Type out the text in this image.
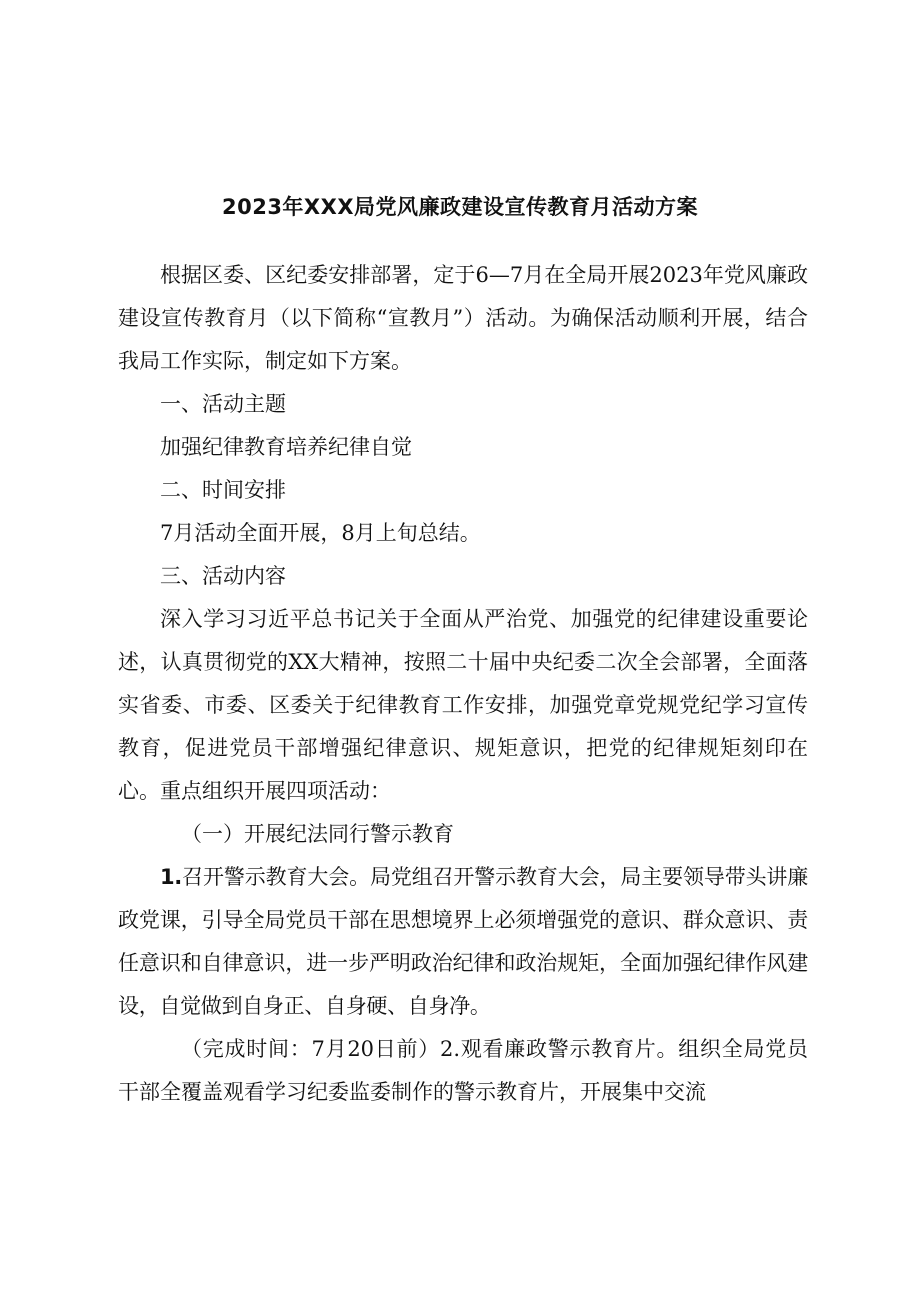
2023年XXX局党风廉政建设宣传教育月活动方案

根据区委、区纪委安排部署，定于6—7月在全局开展2023年党风廉政建设宣传教育月（以下简称“宣教月”）活动。为确保活动顺利开展，结合我局工作实际，制定如下方案。

一、活动主题

加强纪律教育培养纪律自觉

二、时间安排

7月活动全面开展，8月上旬总结。

三、活动内容

深入学习习近平总书记关于全面从严治党、加强党的纪律建设重要论述，认真贯彻党的XX大精神，按照二十届中央纪委二次全会部署，全面落实省委、市委、区委关于纪律教育工作安排，加强党章党规党纪学习宣传教育，促进党员干部增强纪律意识、规矩意识，把党的纪律规矩刻印在心。重点组织开展四项活动：

（一）开展纪法同行警示教育

1.召开警示教育大会。局党组召开警示教育大会，局主要领导带头讲廉政党课，引导全局党员干部在思想境界上必须增强党的意识、群众意识、责任意识和自律意识，进一步严明政治纪律和政治规矩，全面加强纪律作风建设，自觉做到自身正、自身硬、自身净。

（完成时间：7月20日前）2.观看廉政警示教育片。组织全局党员干部全覆盖观看学习纪委监委制作的警示教育片，开展集中交流
